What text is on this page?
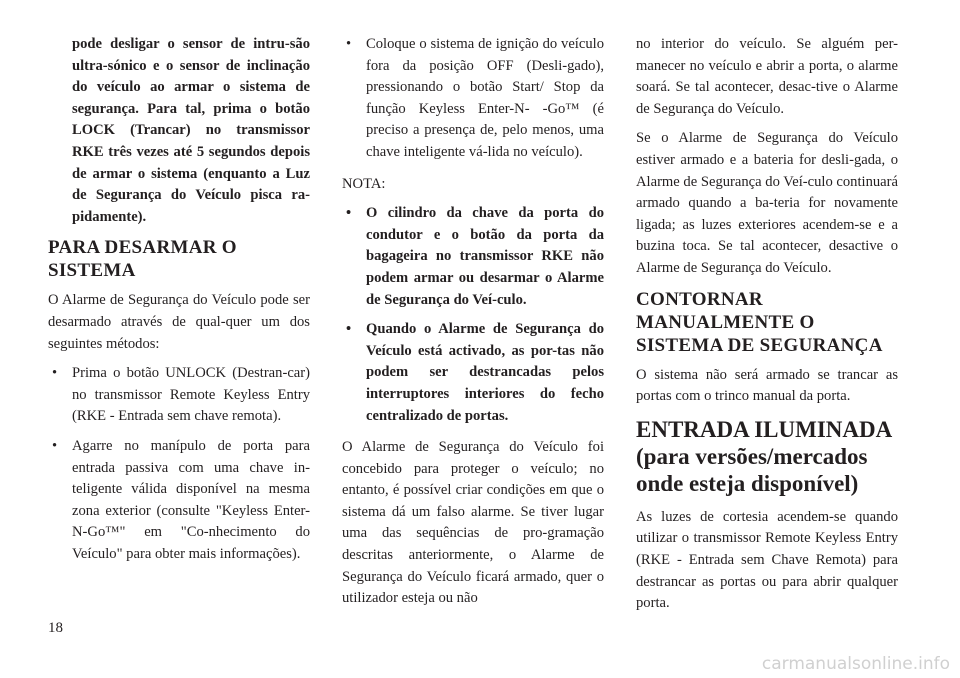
pode desligar o sensor de intru-são ultra-sónico e o sensor de inclinação do veículo ao armar o sistema de segurança. Para tal, prima o botão LOCK (Trancar) no transmissor RKE três vezes até 5 segundos depois de armar o sistema (enquanto a Luz de Segurança do Veículo pisca ra-pidamente).

PARA DESARMAR O SISTEMA

O Alarme de Segurança do Veículo pode ser desarmado através de qual-quer um dos seguintes métodos:

• Prima o botão UNLOCK (Destran-car) no transmissor Remote Keyless Entry (RKE - Entrada sem chave remota).
• Agarre no manípulo de porta para entrada passiva com uma chave in-teligente válida disponível na mesma zona exterior (consulte "Keyless Enter-N-Go™" em "Co-nhecimento do Veículo" para obter mais informações).
• Coloque o sistema de ignição do veículo fora da posição OFF (Desli-gado), pressionando o botão Start/ Stop da função Keyless Enter-N- -Go™ (é preciso a presença de, pelo menos, uma chave inteligente vá-lida no veículo).

NOTA:

• O cilindro da chave da porta do condutor e o botão da porta da bagageira no transmissor RKE não podem armar ou desarmar o Alarme de Segurança do Veí-culo.
• Quando o Alarme de Segurança do Veículo está activado, as por-tas não podem ser destrancadas pelos interruptores interiores do fecho centralizado de portas.

O Alarme de Segurança do Veículo foi concebido para proteger o veículo; no entanto, é possível criar condições em que o sistema dá um falso alarme. Se tiver lugar uma das sequências de pro-gramação descritas anteriormente, o Alarme de Segurança do Veículo ficará armado, quer o utilizador esteja ou não

no interior do veículo. Se alguém per-manecer no veículo e abrir a porta, o alarme soará. Se tal acontecer, desac-tive o Alarme de Segurança do Veículo.

Se o Alarme de Segurança do Veículo estiver armado e a bateria for desli-gada, o Alarme de Segurança do Veí-culo continuará armado quando a ba-teria for novamente ligada; as luzes exteriores acendem-se e a buzina toca. Se tal acontecer, desactive o Alarme de Segurança do Veículo.

CONTORNAR MANUALMENTE O SISTEMA DE SEGURANÇA

O sistema não será armado se trancar as portas com o trinco manual da porta.

ENTRADA ILUMINADA (para versões/mercados onde esteja disponível)

As luzes de cortesia acendem-se quando utilizar o transmissor Remote Keyless Entry (RKE - Entrada sem Chave Remota) para destrancar as portas ou para abrir qualquer porta.

18
carmanualsonline.info
